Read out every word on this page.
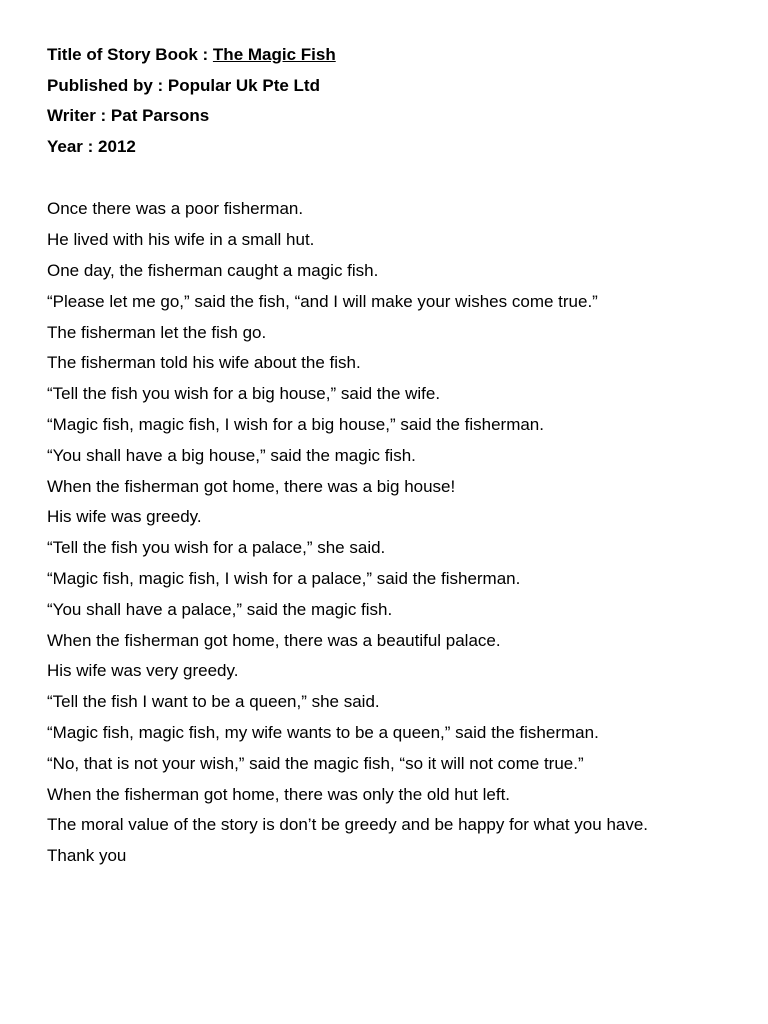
Title of Story Book : The Magic Fish
Published by : Popular Uk Pte Ltd
Writer : Pat Parsons
Year : 2012
Once there was a poor fisherman.
He lived with his wife in a small hut.
One day, the fisherman caught a magic fish.
“Please let me go,” said the fish, “and I will make your wishes come true.”
The fisherman let the fish go.
The fisherman told his wife about the fish.
“Tell the fish you wish for a big house,” said the wife.
“Magic fish, magic fish, I wish for a big house,” said the fisherman.
“You shall have a big house,” said the magic fish.
When the fisherman got home, there was a big house!
His wife was greedy.
“Tell the fish you wish for a palace,” she said.
“Magic fish, magic fish, I wish for a palace,” said the fisherman.
“You shall have a palace,” said the magic fish.
When the fisherman got home, there was a beautiful palace.
His wife was very greedy.
“Tell the fish I want to be a queen,” she said.
“Magic fish, magic fish, my wife wants to be a queen,” said the fisherman.
“No, that is not your wish,” said the magic fish, “so it will not come true.”
When the fisherman got home, there was only the old hut left.
The moral value of the story is don’t be greedy and be happy for what you have.
Thank you
